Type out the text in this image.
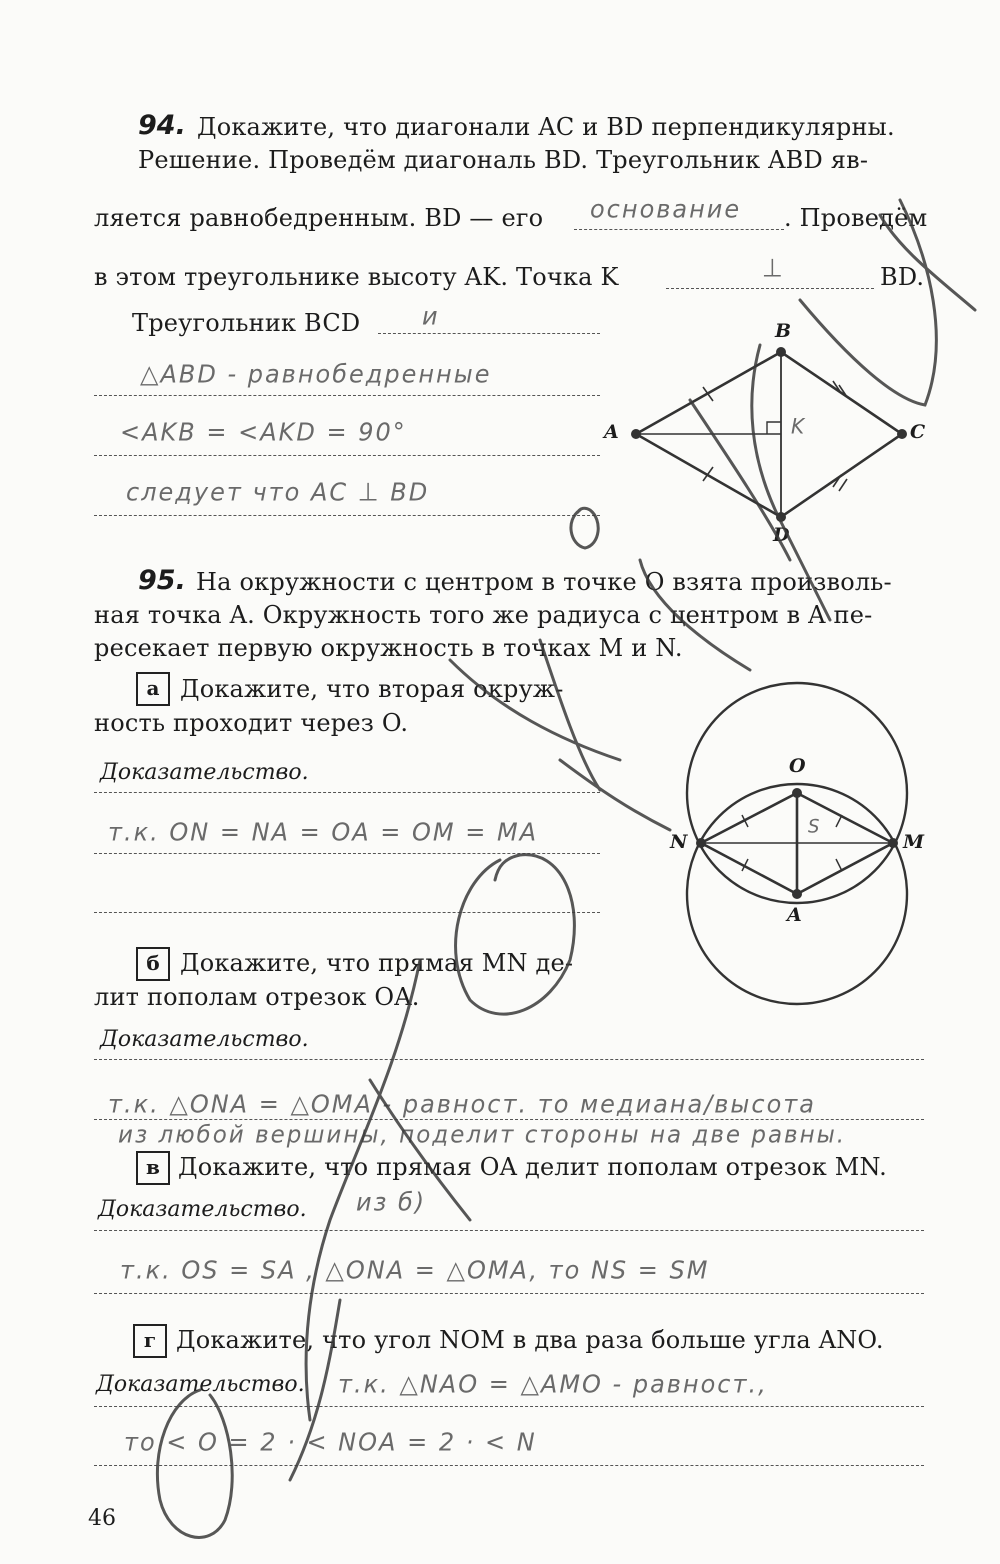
94. Докажите, что диагонали AC и BD перпендикулярны.
Решение. Проведём диагональ BD. Треугольник ABD яв-
ляется равнобедренным. BD — его основание . Проведём
в этом треугольнике высоту AK. Точка K	⊥	BD.
Треугольник BCD	и
△ABD - равнобедренные
<AKB = <AKD = 90°
следует что AC ⊥ BD
A
B
C
D
K
95. На окружности с центром в точке O взята произволь-
ная точка A. Окружность того же радиуса с центром в A пе-
ресекает первую окружность в точках M и N.
а Докажите, что вторая окруж-
ность проходит через O.
Доказательство.
т.к. ON = NA = OA = OM = MA
O
N	M
A
S
б Докажите, что прямая MN де-
лит пополам отрезок OA.
Доказательство.
т.к. △ONA = △OMA - равност. то медиана/высота
из любой вершины, поделит стороны на две равны.
в Докажите, что прямая OA делит пополам отрезок MN.
Доказательство. из б)
т.к. OS = SA , △ONA = △OMA, то NS = SM
г Докажите, что угол NOM в два раза больше угла ANO.
Доказательство. т.к. △NAO = △AMO - равност.,
то < O = 2 · < NOA = 2 · < N
46
